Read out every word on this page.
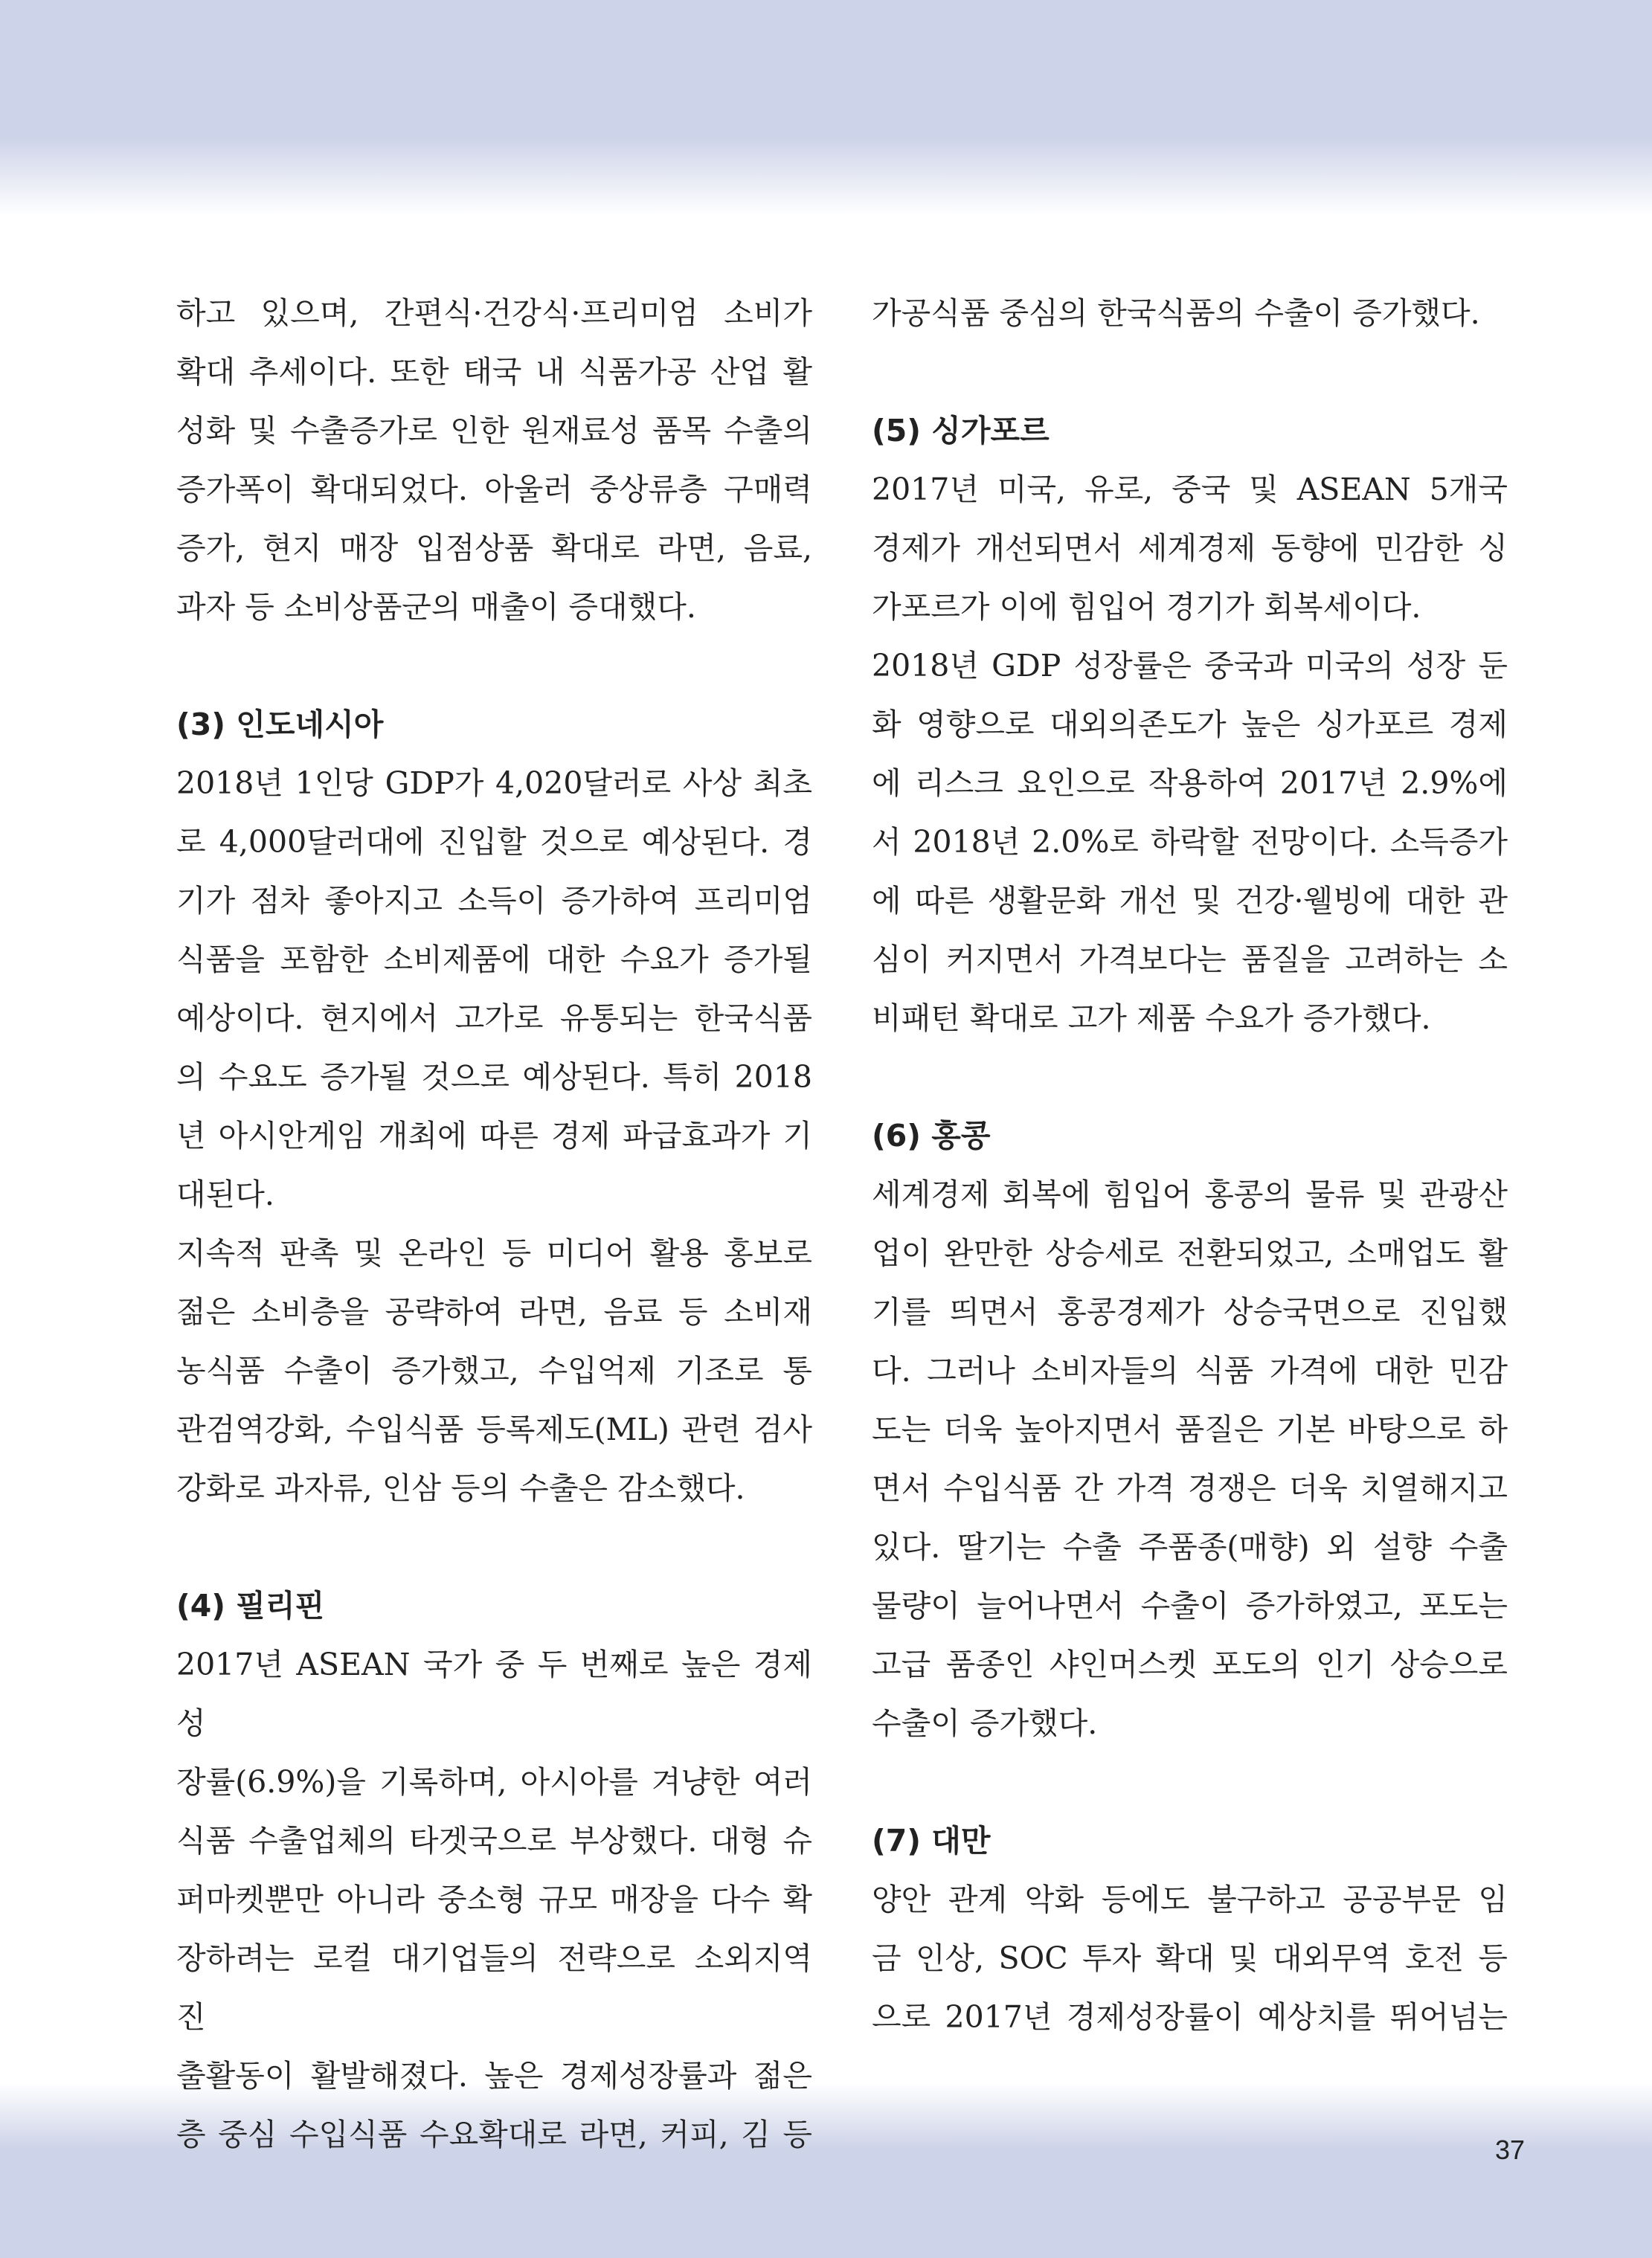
하고 있으며, 간편식·건강식·프리미엄 소비가

확대 추세이다. 또한 태국 내 식품가공 산업 활

성화 및 수출증가로 인한 원재료성 품목 수출의

증가폭이 확대되었다. 아울러 중상류층 구매력

증가, 현지 매장 입점상품 확대로 라면, 음료,

과자 등 소비상품군의 매출이 증대했다.

(3) 인도네시아

2018년 1인당 GDP가 4,020달러로 사상 최초

로 4,000달러대에 진입할 것으로 예상된다. 경

기가 점차 좋아지고 소득이 증가하여 프리미엄

식품을 포함한 소비제품에 대한 수요가 증가될

예상이다. 현지에서 고가로 유통되는 한국식품

의 수요도 증가될 것으로 예상된다. 특히 2018

년 아시안게임 개최에 따른 경제 파급효과가 기

대된다.

지속적 판촉 및 온라인 등 미디어 활용 홍보로

젊은 소비층을 공략하여 라면, 음료 등 소비재

농식품 수출이 증가했고, 수입억제 기조로 통

관검역강화, 수입식품 등록제도(ML) 관련 검사

강화로 과자류, 인삼 등의 수출은 감소했다.

(4) 필리핀

2017년 ASEAN 국가 중 두 번째로 높은 경제성

장률(6.9%)을 기록하며, 아시아를 겨냥한 여러

식품 수출업체의 타겟국으로 부상했다. 대형 슈

퍼마켓뿐만 아니라 중소형 규모 매장을 다수 확

장하려는 로컬 대기업들의 전략으로 소외지역 진

출활동이 활발해졌다. 높은 경제성장률과 젊은

층 중심 수입식품 수요확대로 라면, 커피, 김 등

가공식품 중심의 한국식품의 수출이 증가했다.

(5) 싱가포르

2017년 미국, 유로, 중국 및 ASEAN 5개국

경제가 개선되면서 세계경제 동향에 민감한 싱

가포르가 이에 힘입어 경기가 회복세이다.

2018년 GDP 성장률은 중국과 미국의 성장 둔

화 영향으로 대외의존도가 높은 싱가포르 경제

에 리스크 요인으로 작용하여 2017년 2.9%에

서 2018년 2.0%로 하락할 전망이다. 소득증가

에 따른 생활문화 개선 및 건강·웰빙에 대한 관

심이 커지면서 가격보다는 품질을 고려하는 소

비패턴 확대로 고가 제품 수요가 증가했다.

(6) 홍콩

세계경제 회복에 힘입어 홍콩의 물류 및 관광산

업이 완만한 상승세로 전환되었고, 소매업도 활

기를 띄면서 홍콩경제가 상승국면으로 진입했

다. 그러나 소비자들의 식품 가격에 대한 민감

도는 더욱 높아지면서 품질은 기본 바탕으로 하

면서 수입식품 간 가격 경쟁은 더욱 치열해지고

있다. 딸기는 수출 주품종(매향) 외 설향 수출

물량이 늘어나면서 수출이 증가하였고, 포도는

고급 품종인 샤인머스켓 포도의 인기 상승으로

수출이 증가했다.

(7) 대만

양안 관계 악화 등에도 불구하고 공공부문 임

금 인상, SOC 투자 확대 및 대외무역 호전 등

으로 2017년 경제성장률이 예상치를 뛰어넘는

37
